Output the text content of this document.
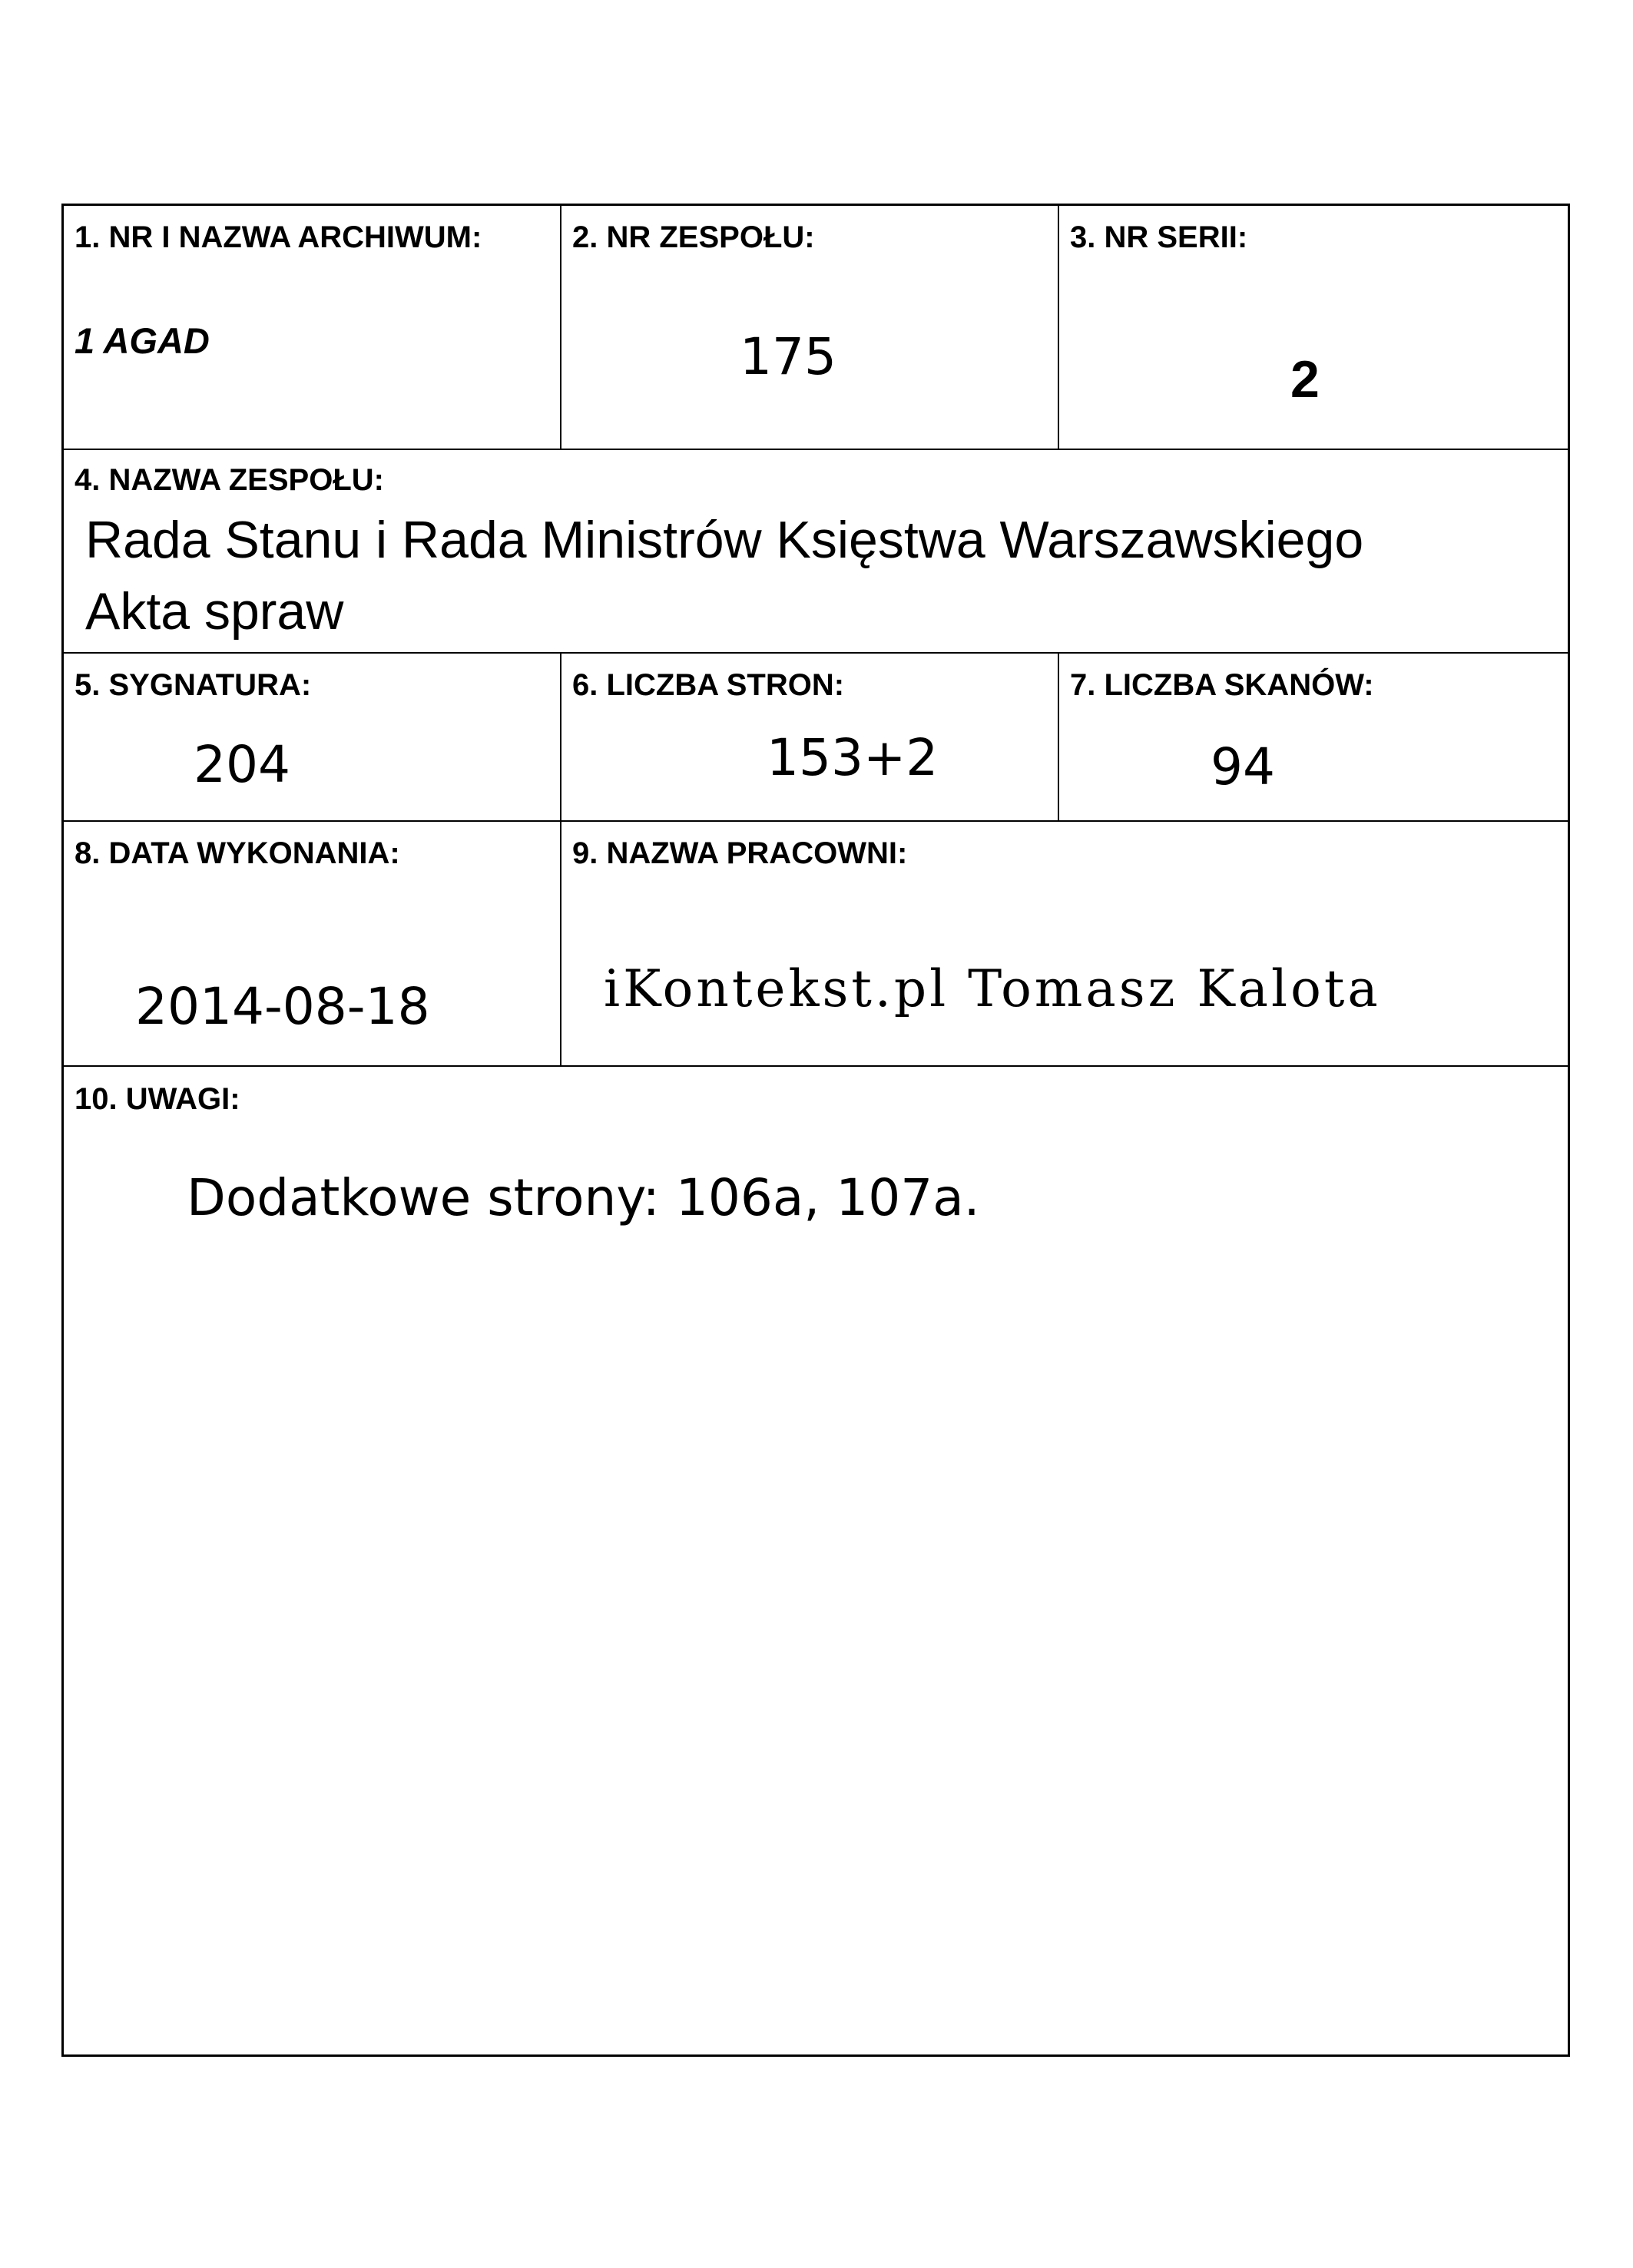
1. NR I NAZWA ARCHIWUM:
1 AGAD
2. NR ZESPOŁU:
175
3. NR SERII:
2
4. NAZWA ZESPOŁU:
Rada Stanu i Rada Ministrów Księstwa Warszawskiego
Akta spraw
5. SYGNATURA:
204
6. LICZBA STRON:
153+2
7. LICZBA SKANÓW:
94
8. DATA WYKONANIA:
2014-08-18
9. NAZWA PRACOWNI:
iKontekst.pl Tomasz Kalota
10. UWAGI:
Dodatkowe strony: 106a, 107a.
